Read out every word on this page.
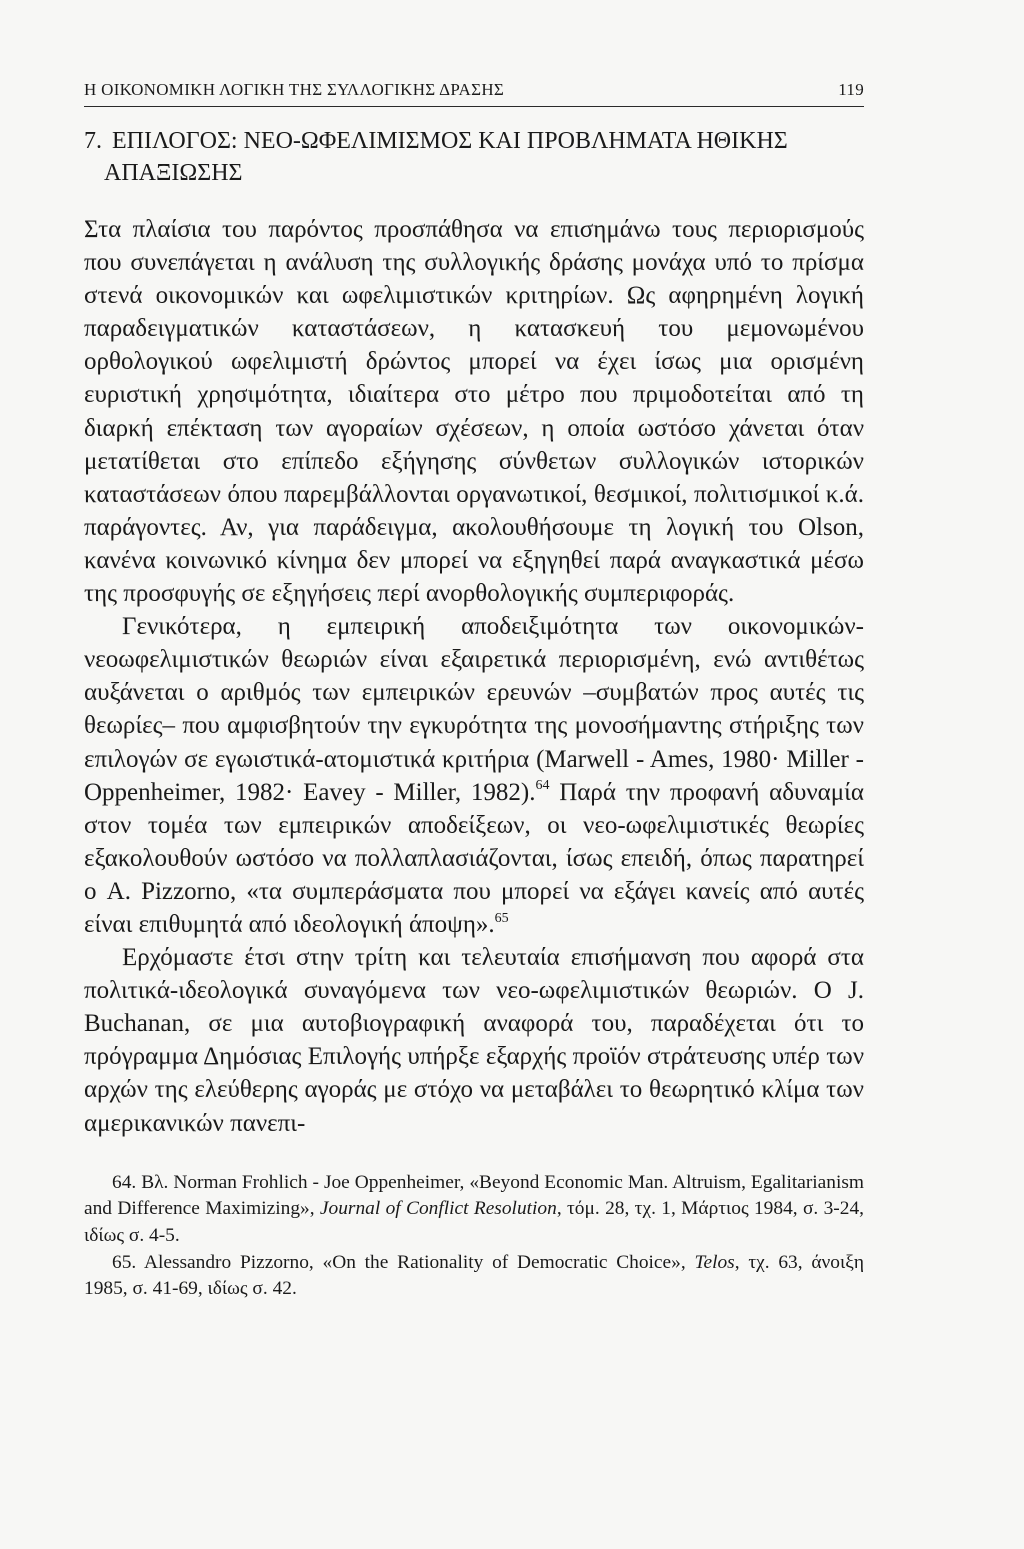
Η ΟΙΚΟΝΟΜΙΚΗ ΛΟΓΙΚΗ ΤΗΣ ΣΥΛΛΟΓΙΚΗΣ ΔΡΑΣΗΣ	119
7. ΕΠΙΛΟΓΟΣ: ΝΕΟ-ΩΦΕΛΙΜΙΣΜΟΣ ΚΑΙ ΠΡΟΒΛΗΜΑΤΑ ΗΘΙΚΗΣ
ΑΠΑΞΙΩΣΗΣ

Στα πλαίσια του παρόντος προσπάθησα να επισημάνω τους περιορισμούς που συνεπάγεται η ανάλυση της συλλογικής δράσης μονάχα υπό το πρίσμα στενά οικονομικών και ωφελιμιστικών κριτηρίων. Ως αφηρημένη λογική παραδειγματικών καταστάσεων, η κατασκευή του μεμονωμένου ορθολογικού ωφελιμιστή δρώντος μπορεί να έχει ίσως μια ορισμένη ευριστική χρησιμότητα, ιδιαίτερα στο μέτρο που πριμοδοτείται από τη διαρκή επέκταση των αγοραίων σχέσεων, η οποία ωστόσο χάνεται όταν μετατίθεται στο επίπεδο εξήγησης σύνθετων συλλογικών ιστορικών καταστάσεων όπου παρεμβάλλονται οργανωτικοί, θεσμικοί, πολιτισμικοί κ.ά. παράγοντες. Αν, για παράδειγμα, ακολουθήσουμε τη λογική του Olson, κανένα κοινωνικό κίνημα δεν μπορεί να εξηγηθεί παρά αναγκαστικά μέσω της προσφυγής σε εξηγήσεις περί ανορθολογικής συμπεριφοράς.

Γενικότερα, η εμπειρική αποδειξιμότητα των οικονομικών-νεοωφελιμιστικών θεωριών είναι εξαιρετικά περιορισμένη, ενώ αντιθέτως αυξάνεται ο αριθμός των εμπειρικών ερευνών –συμβατών προς αυτές τις θεωρίες– που αμφισβητούν την εγκυρότητα της μονοσήμαντης στήριξης των επιλογών σε εγωιστικά-ατομιστικά κριτήρια (Marwell - Ames, 1980· Miller - Oppenheimer, 1982· Eavey - Miller, 1982).$^{64}$ Παρά την προφανή αδυναμία στον τομέα των εμπειρικών αποδείξεων, οι νεο-ωφελιμιστικές θεωρίες εξακολουθούν ωστόσο να πολλαπλασιάζονται, ίσως επειδή, όπως παρατηρεί ο A. Pizzorno, «τα συμπεράσματα που μπορεί να εξάγει κανείς από αυτές είναι επιθυμητά από ιδεολογική άποψη».$^{65}$

Ερχόμαστε έτσι στην τρίτη και τελευταία επισήμανση που αφορά στα πολιτικά-ιδεολογικά συναγόμενα των νεο-ωφελιμιστικών θεωριών. Ο J. Buchanan, σε μια αυτοβιογραφική αναφορά του, παραδέχεται ότι το πρόγραμμα Δημόσιας Επιλογής υπήρξε εξαρχής προϊόν στράτευσης υπέρ των αρχών της ελεύθερης αγοράς με στόχο να μεταβάλει το θεωρητικό κλίμα των αμερικανικών πανεπι-

64. Βλ. Norman Frohlich - Joe Oppenheimer, «Beyond Economic Man. Altruism, Egalitarianism and Difference Maximizing», Journal of Conflict Resolution, τόμ. 28, τχ. 1, Μάρτιος 1984, σ. 3-24, ιδίως σ. 4-5.

65. Alessandro Pizzorno, «On the Rationality of Democratic Choice», Telos, τχ. 63, άνοιξη 1985, σ. 41-69, ιδίως σ. 42.
